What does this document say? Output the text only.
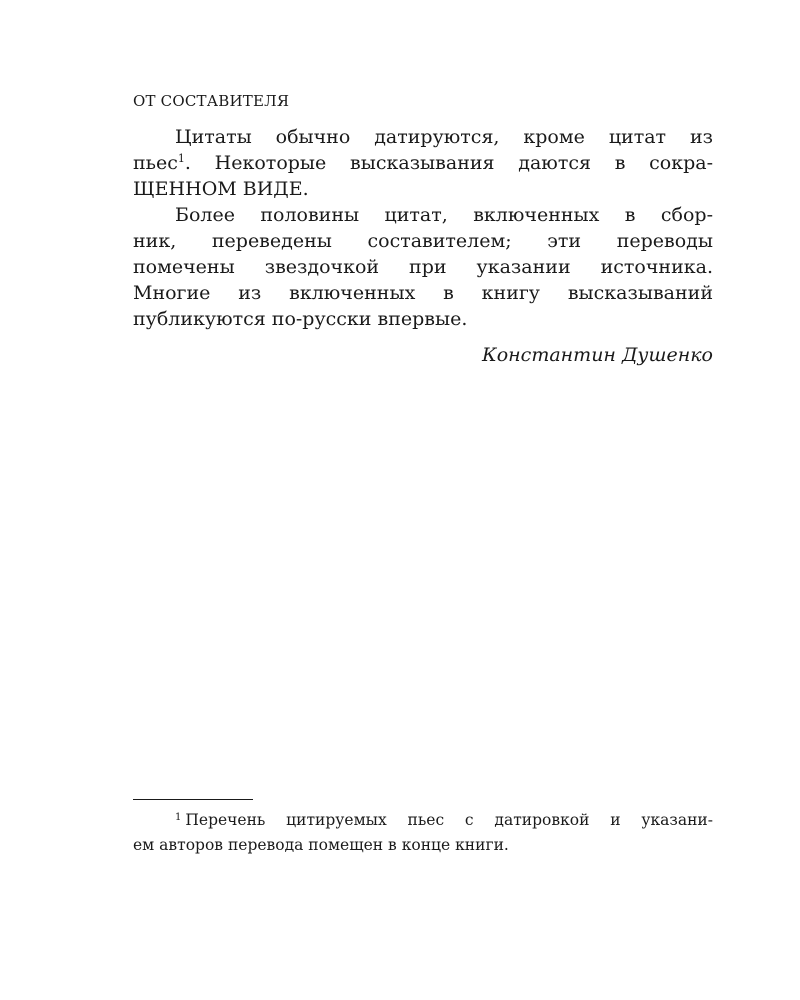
ОТ СОСТАВИТЕЛЯ
Цитаты обычно датируются, кроме цитат из
пьес$^1$. Некоторые высказывания даются в сокра-
ЩЕННОМ ВИДЕ.
Более половины цитат, включенных в сбор-
ник, переведены составителем; эти переводы
помечены звездочкой при указании источника.
Многие из включенных в книгу высказываний
публикуются по-русски впервые.
Константин Душенко
$^1$ Перечень цитируемых пьес с датировкой и указани-
ем авторов перевода помещен в конце книги.
